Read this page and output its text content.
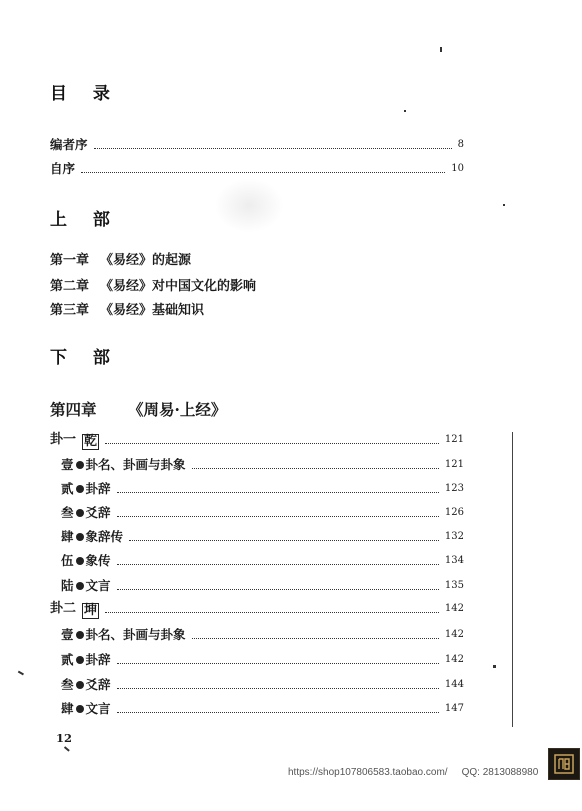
目 录
编者序	8
自序	10
上 部
第一章 《易经》的起源
第二章 《易经》对中国文化的影响
第三章 《易经》基础知识
下 部
第四章 《周易·上经》
卦一 乾	121
壹 卦名、卦画与卦象	121
贰 卦辞	123
叁 爻辞	126
肆 象辞传	132
伍 象传	134
陆 文言	135
卦二 坤	142
壹 卦名、卦画与卦象	142
贰 卦辞	142
叁 爻辞	144
肆 文言	147
12
https://shop107806583.taobao.com/ QQ: 2813088980
